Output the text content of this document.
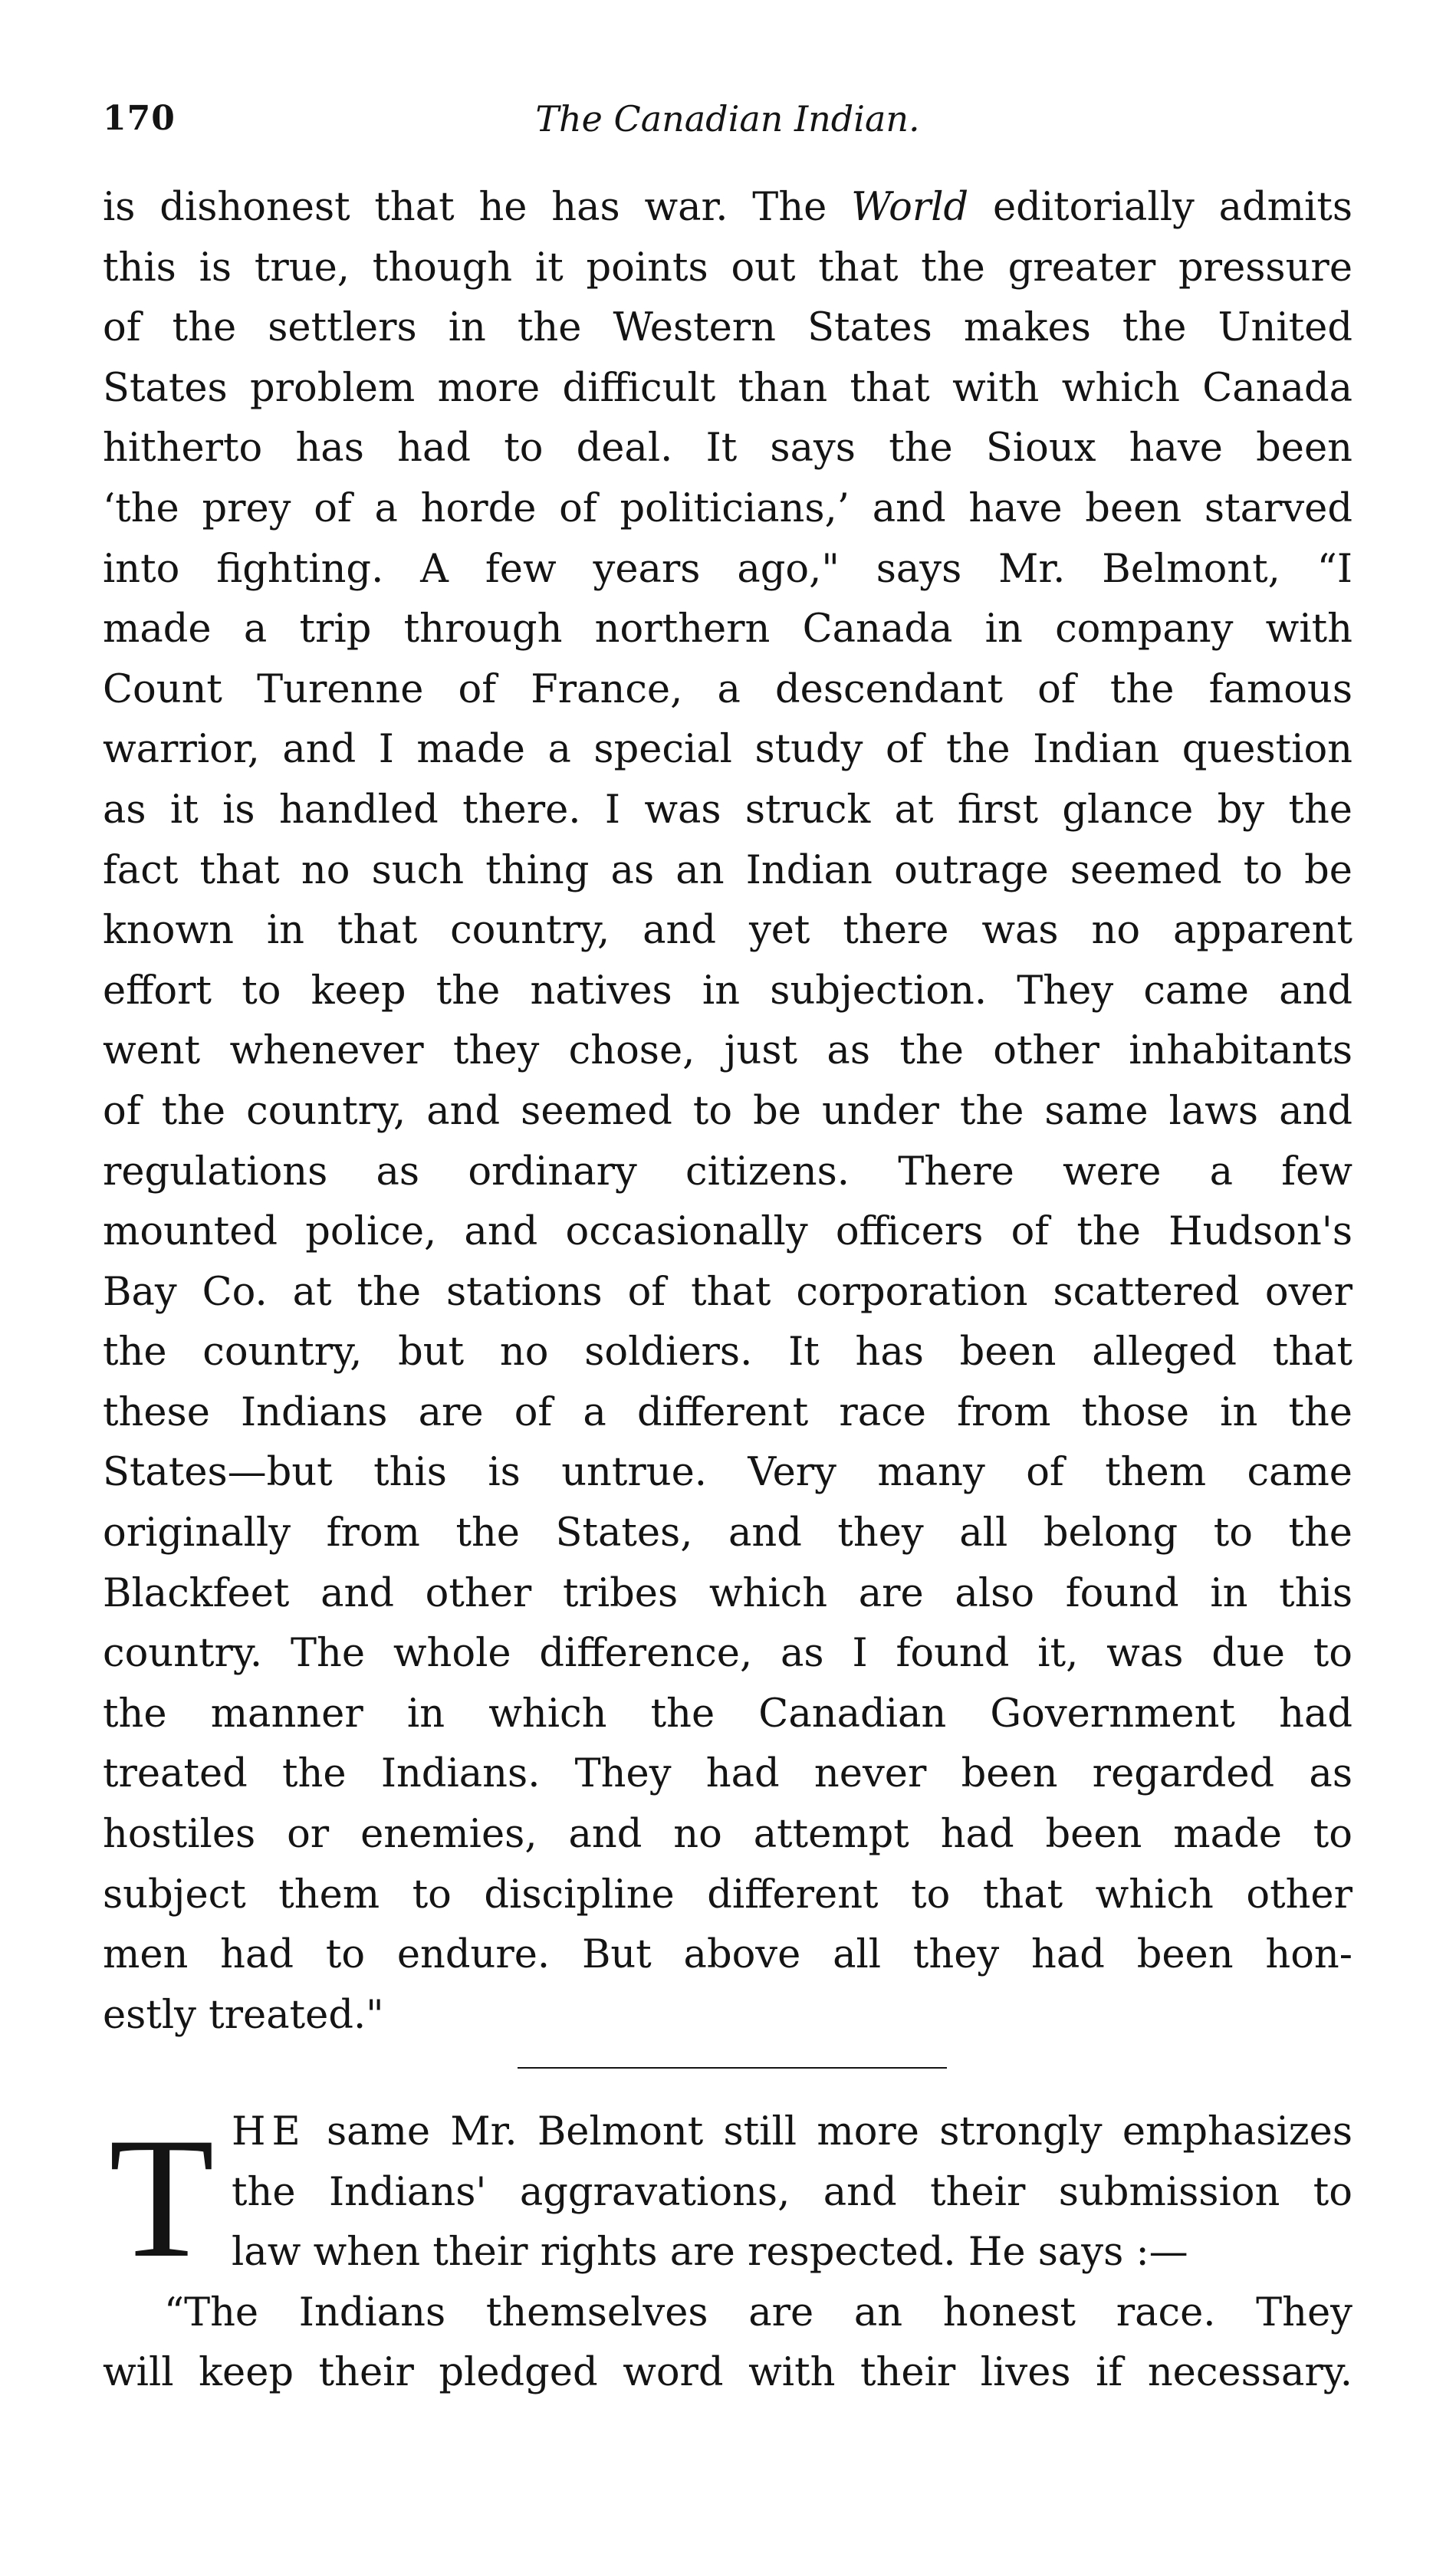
170	The Canadian Indian.
is dishonest that he has war. The World editorially admits
this is true, though it points out that the greater pressure
of the settlers in the Western States makes the United
States problem more difficult than that with which Canada
hitherto has had to deal. It says the Sioux have been
‘the prey of a horde of politicians,’ and have been starved
into fighting. A few years ago," says Mr. Belmont, “I
made a trip through northern Canada in company with
Count Turenne of France, a descendant of the famous
warrior, and I made a special study of the Indian question
as it is handled there. I was struck at first glance by the
fact that no such thing as an Indian outrage seemed to be
known in that country, and yet there was no apparent
effort to keep the natives in subjection. They came and
went whenever they chose, just as the other inhabitants
of the country, and seemed to be under the same laws and
regulations as ordinary citizens. There were a few
mounted police, and occasionally officers of the Hudson's
Bay Co. at the stations of that corporation scattered over
the country, but no soldiers. It has been alleged that
these Indians are of a different race from those in the
States—but this is untrue. Very many of them came
originally from the States, and they all belong to the
Blackfeet and other tribes which are also found in this
country. The whole difference, as I found it, was due to
the manner in which the Canadian Government had
treated the Indians. They had never been regarded as
hostiles or enemies, and no attempt had been made to
subject them to discipline different to that which other
men had to endure. But above all they had been hon-
estly treated."
T HE same Mr. Belmont still more strongly emphasizes
the Indians' aggravations, and their submission to
law when their rights are respected. He says :—
“The Indians themselves are an honest race. They
will keep their pledged word with their lives if necessary.
